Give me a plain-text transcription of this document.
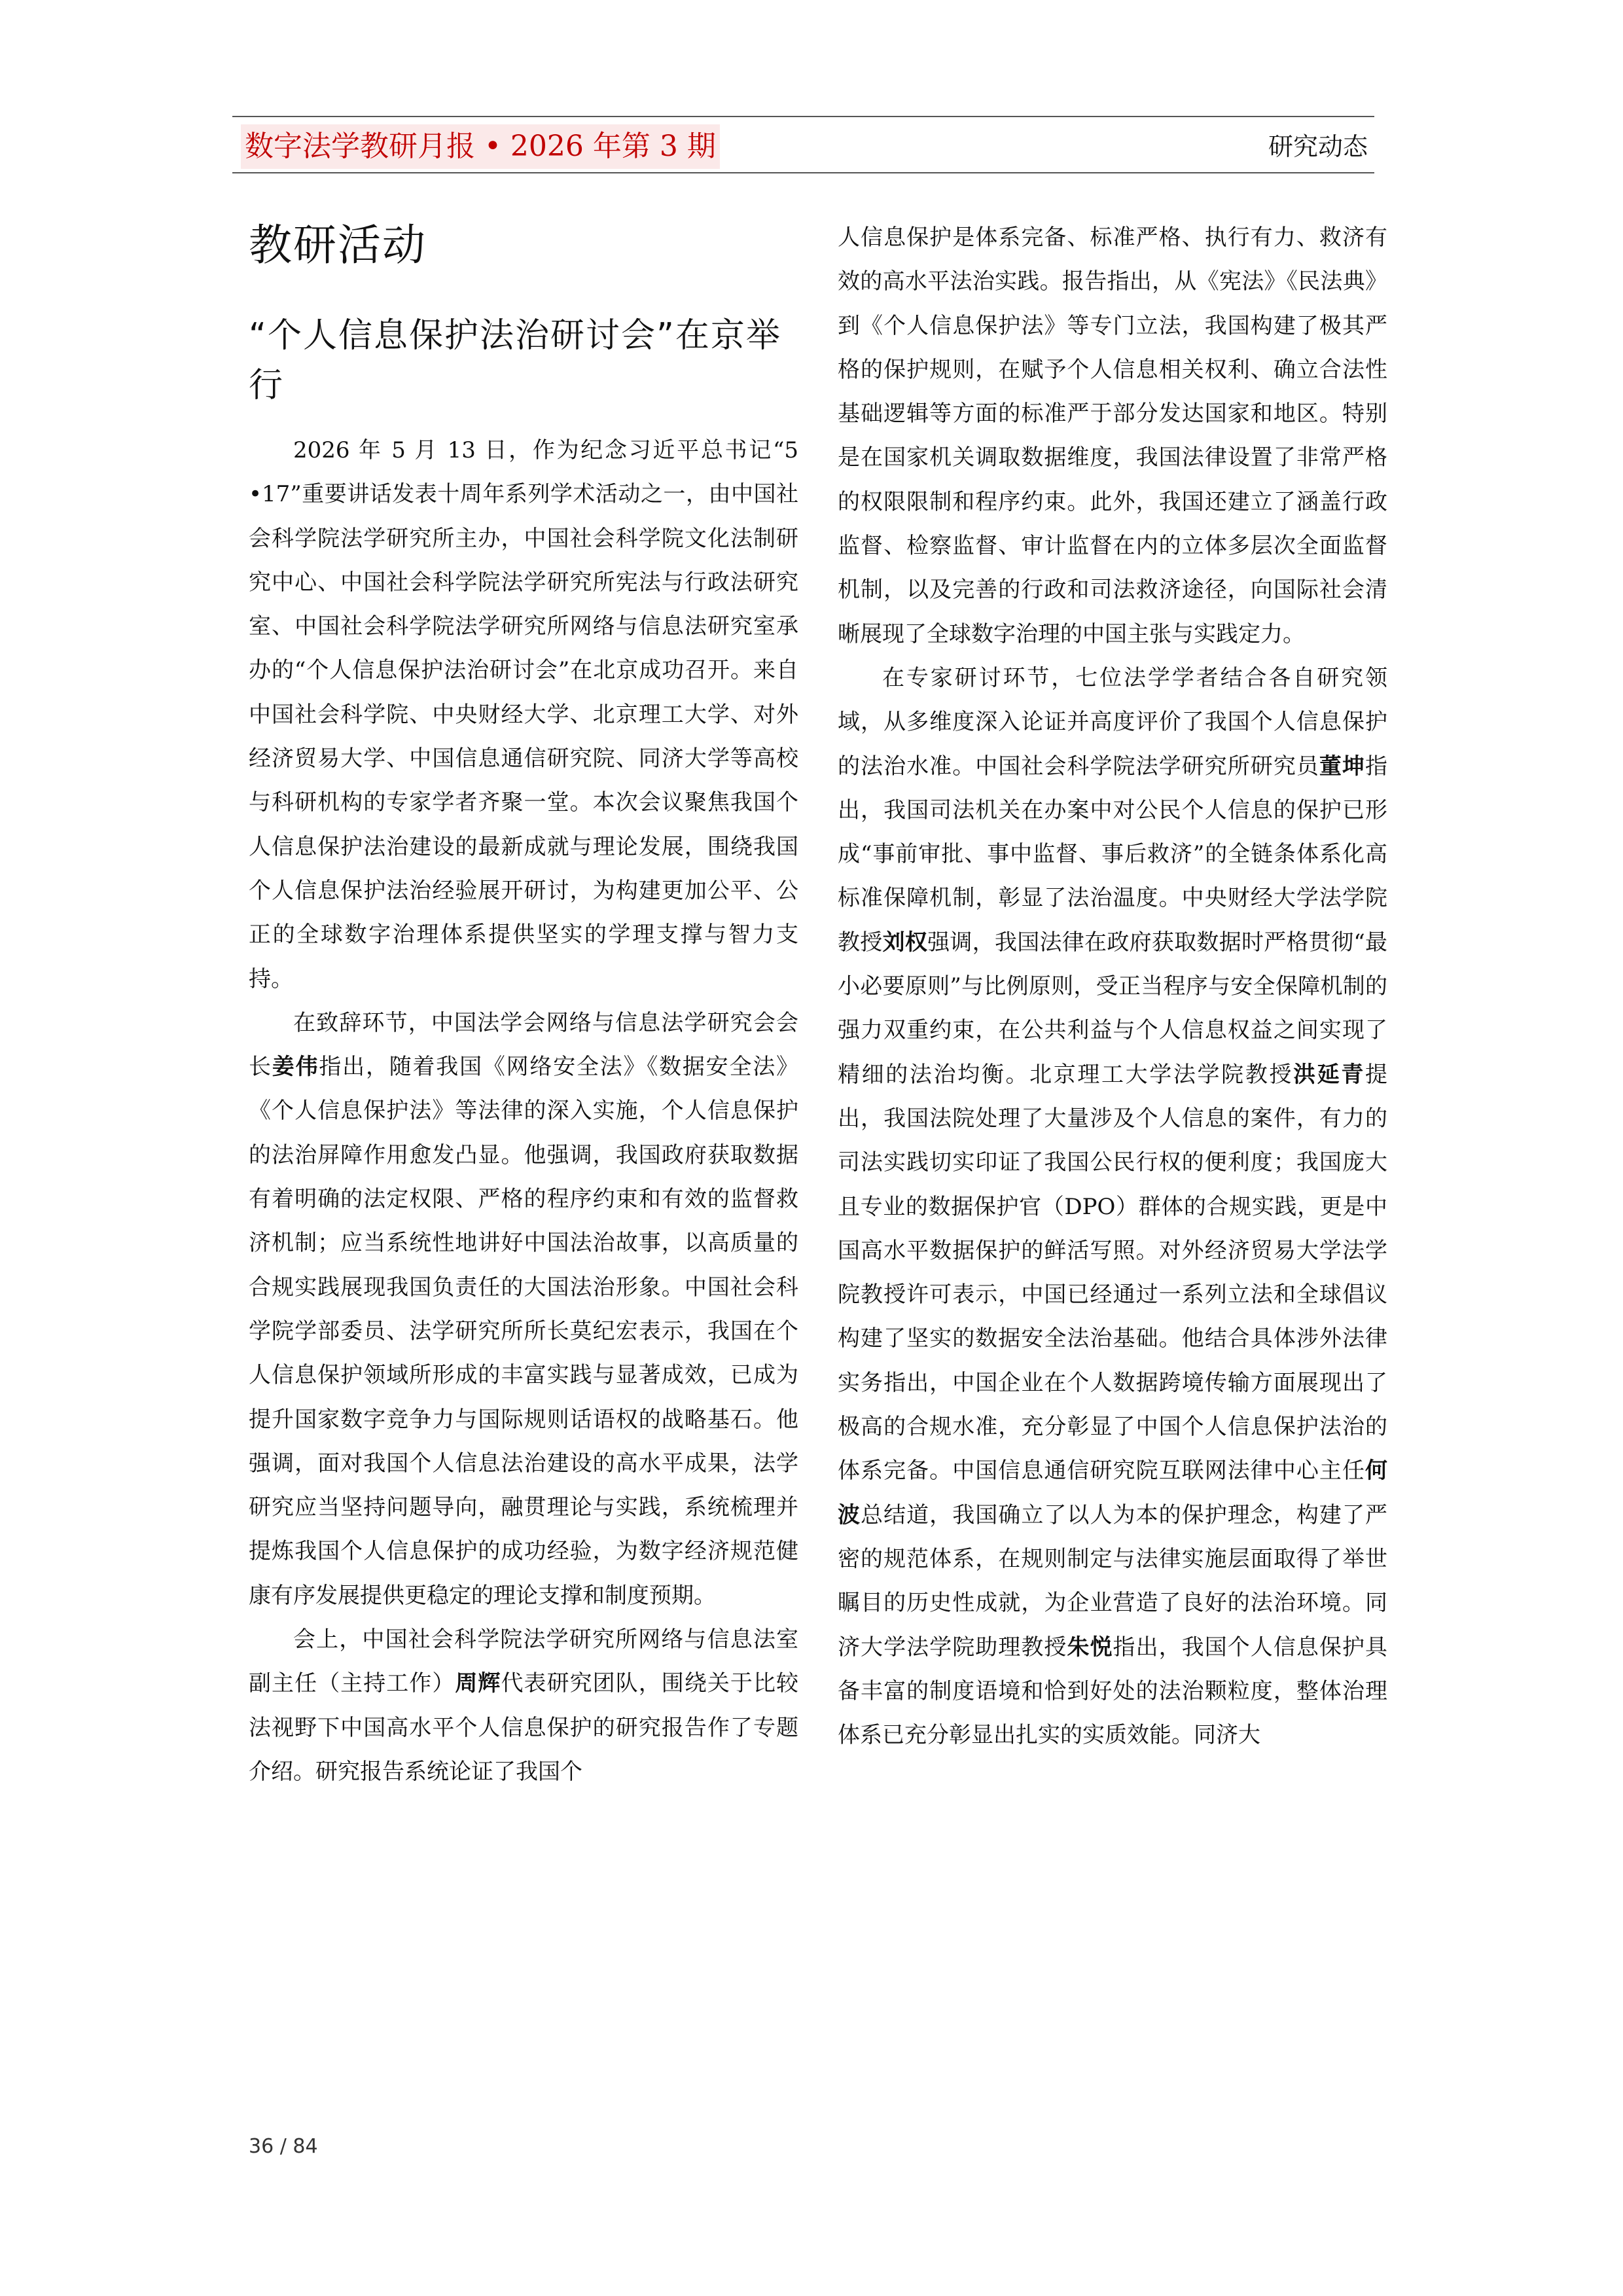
数字法学教研月报 • 2026 年第 3 期	研究动态
教研活动
“个人信息保护法治研讨会”在京举行

2026 年 5 月 13 日，作为纪念习近平总书记“5 •17”重要讲话发表十周年系列学术活动之一，由中国社会科学院法学研究所主办，中国社会科学院文化法制研究中心、中国社会科学院法学研究所宪法与行政法研究室、中国社会科学院法学研究所网络与信息法研究室承办的“个人信息保护法治研讨会”在北京成功召开。来自中国社会科学院、中央财经大学、北京理工大学、对外经济贸易大学、中国信息通信研究院、同济大学等高校与科研机构的专家学者齐聚一堂。本次会议聚焦我国个人信息保护法治建设的最新成就与理论发展，围绕我国个人信息保护法治经验展开研讨，为构建更加公平、公正的全球数字治理体系提供坚实的学理支撑与智力支持。

在致辞环节，中国法学会网络与信息法学研究会会长姜伟指出，随着我国《网络安全法》《数据安全法》《个人信息保护法》等法律的深入实施，个人信息保护的法治屏障作用愈发凸显。他强调，我国政府获取数据有着明确的法定权限、严格的程序约束和有效的监督救济机制；应当系统性地讲好中国法治故事，以高质量的合规实践展现我国负责任的大国法治形象。中国社会科学院学部委员、法学研究所所长莫纪宏表示，我国在个人信息保护领域所形成的丰富实践与显著成效，已成为提升国家数字竞争力与国际规则话语权的战略基石。他强调，面对我国个人信息法治建设的高水平成果，法学研究应当坚持问题导向，融贯理论与实践，系统梳理并提炼我国个人信息保护的成功经验，为数字经济规范健康有序发展提供更稳定的理论支撑和制度预期。

会上，中国社会科学院法学研究所网络与信息法室副主任（主持工作）周辉代表研究团队，围绕关于比较法视野下中国高水平个人信息保护的研究报告作了专题介绍。研究报告系统论证了我国个

人信息保护是体系完备、标准严格、执行有力、救济有效的高水平法治实践。报告指出，从《宪法》《民法典》到《个人信息保护法》等专门立法，我国构建了极其严格的保护规则，在赋予个人信息相关权利、确立合法性基础逻辑等方面的标准严于部分发达国家和地区。特别是在国家机关调取数据维度，我国法律设置了非常严格的权限限制和程序约束。此外，我国还建立了涵盖行政监督、检察监督、审计监督在内的立体多层次全面监督机制，以及完善的行政和司法救济途径，向国际社会清晰展现了全球数字治理的中国主张与实践定力。

在专家研讨环节，七位法学学者结合各自研究领域，从多维度深入论证并高度评价了我国个人信息保护的法治水准。中国社会科学院法学研究所研究员董坤指出，我国司法机关在办案中对公民个人信息的保护已形成“事前审批、事中监督、事后救济”的全链条体系化高标准保障机制，彰显了法治温度。中央财经大学法学院教授刘权强调，我国法律在政府获取数据时严格贯彻“最小必要原则”与比例原则，受正当程序与安全保障机制的强力双重约束，在公共利益与个人信息权益之间实现了精细的法治均衡。北京理工大学法学院教授洪延青提出，我国法院处理了大量涉及个人信息的案件，有力的司法实践切实印证了我国公民行权的便利度；我国庞大且专业的数据保护官（DPO）群体的合规实践，更是中国高水平数据保护的鲜活写照。对外经济贸易大学法学院教授许可表示，中国已经通过一系列立法和全球倡议构建了坚实的数据安全法治基础。他结合具体涉外法律实务指出，中国企业在个人数据跨境传输方面展现出了极高的合规水准，充分彰显了中国个人信息保护法治的体系完备。中国信息通信研究院互联网法律中心主任何波总结道，我国确立了以人为本的保护理念，构建了严密的规范体系，在规则制定与法律实施层面取得了举世瞩目的历史性成就，为企业营造了良好的法治环境。同济大学法学院助理教授朱悦指出，我国个人信息保护具备丰富的制度语境和恰到好处的法治颗粒度，整体治理体系已充分彰显出扎实的实质效能。同济大

36 / 84
